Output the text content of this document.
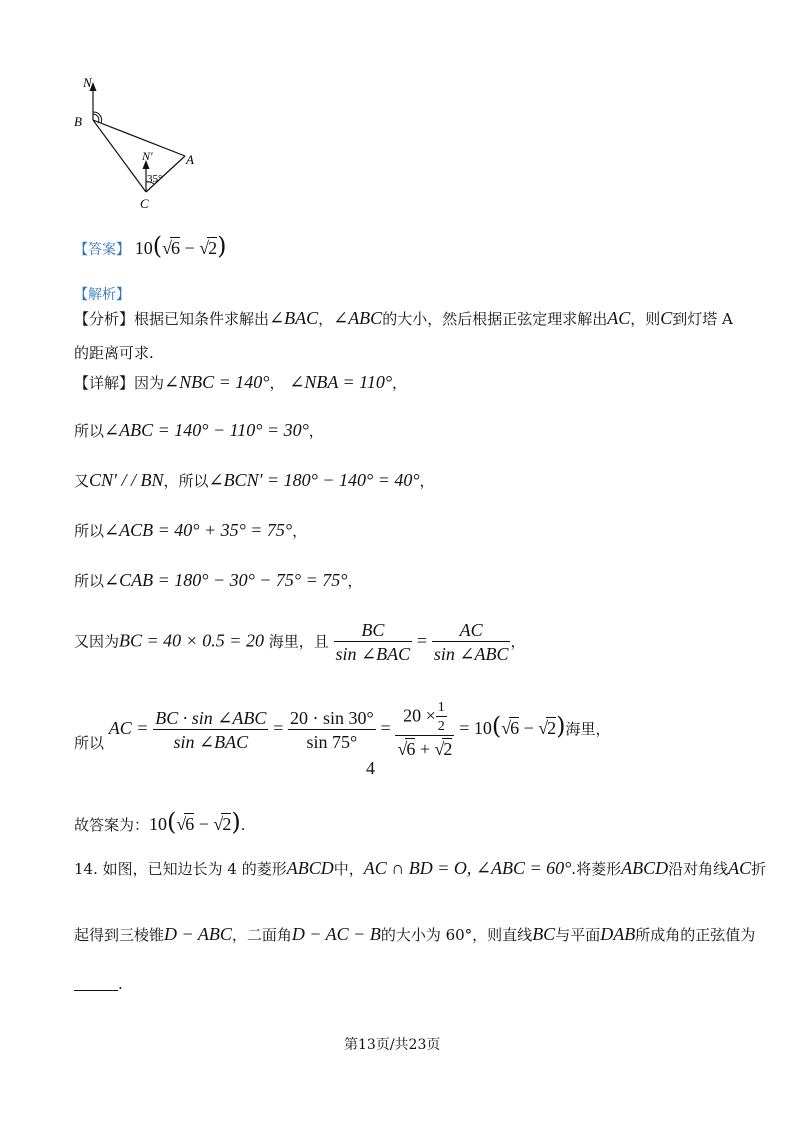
N
B
N′	A
C
35°
【答案】 10(√6 − √2)
【解析】
【分析】根据已知条件求解出∠BAC，∠ABC的大小，然后根据正弦定理求解出AC，则C到灯塔 A
的距离可求.
【详解】因为∠NBC = 140°， ∠NBA = 110°，
所以∠ABC = 140° − 110° = 30°，
又CN′ / / BN，所以∠BCN′ = 180° − 140° = 40°，
所以∠ACB = 40° + 35° = 75°，
所以∠CAB = 180° − 30° − 75° = 75°，
又因为BC = 40 × 0.5 = 20 海里，且 $\frac{BC}{\text{sin ∠BAC}} = \frac{AC}{\text{sin ∠ABC}}$ ，
所以 AC = $\frac{\text{BC · sin ∠ABC}}{\text{sin ∠BAC}} = \frac{20 \cdot \sin 30^\circ}{\sin 75^\circ} = \frac{20 \times \frac{1}{2}}{√6 + √2} = 10(√6 - √2)$海里，
4
故答案为：10(√6 − √2).
14. 如图，已知边长为 4 的菱形ABCD中，AC ∩ BD = O, ∠ABC = 60°.将菱形ABCD沿对角线AC折
起得到三棱锥D − ABC，二面角D − AC − B的大小为 60°，则直线BC与平面DAB所成角的正弦值为
.
第13页/共23页
